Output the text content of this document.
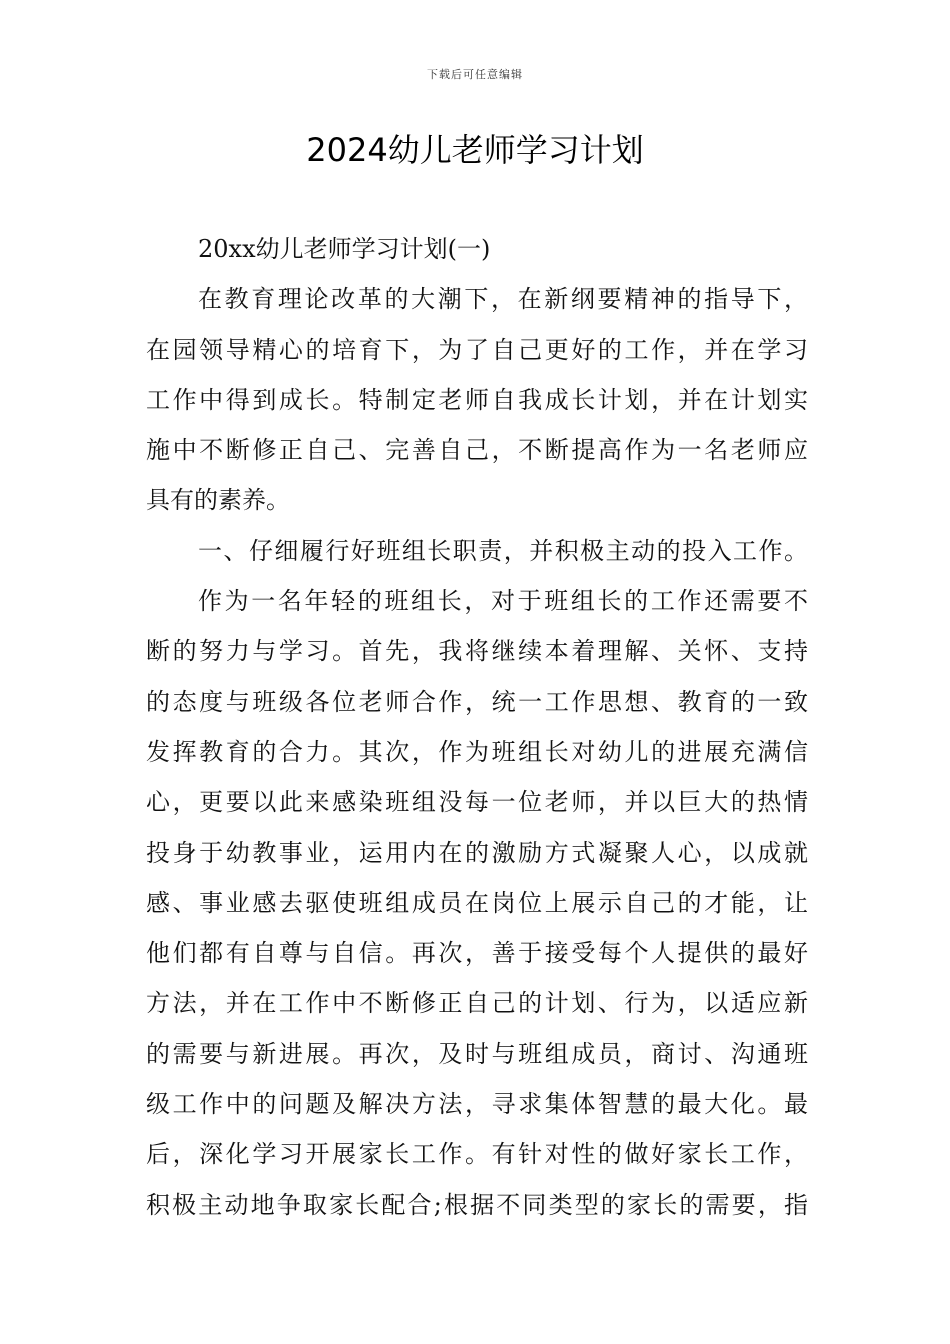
下载后可任意编辑
2024幼儿老师学习计划
20xx幼儿老师学习计划(一)
在教育理论改革的大潮下，在新纲要精神的指导下，
在园领导精心的培育下，为了自己更好的工作，并在学习
工作中得到成长。特制定老师自我成长计划，并在计划实
施中不断修正自己、完善自己，不断提高作为一名老师应
具有的素养。
一、仔细履行好班组长职责，并积极主动的投入工作。
作为一名年轻的班组长，对于班组长的工作还需要不
断的努力与学习。首先，我将继续本着理解、关怀、支持
的态度与班级各位老师合作，统一工作思想、教育的一致
发挥教育的合力。其次，作为班组长对幼儿的进展充满信
心，更要以此来感染班组没每一位老师，并以巨大的热情
投身于幼教事业，运用内在的激励方式凝聚人心，以成就
感、事业感去驱使班组成员在岗位上展示自己的才能，让
他们都有自尊与自信。再次，善于接受每个人提供的最好
方法，并在工作中不断修正自己的计划、行为，以适应新
的需要与新进展。再次，及时与班组成员，商讨、沟通班
级工作中的问题及解决方法，寻求集体智慧的最大化。最
后，深化学习开展家长工作。有针对性的做好家长工作，
积极主动地争取家长配合;根据不同类型的家长的需要，指
